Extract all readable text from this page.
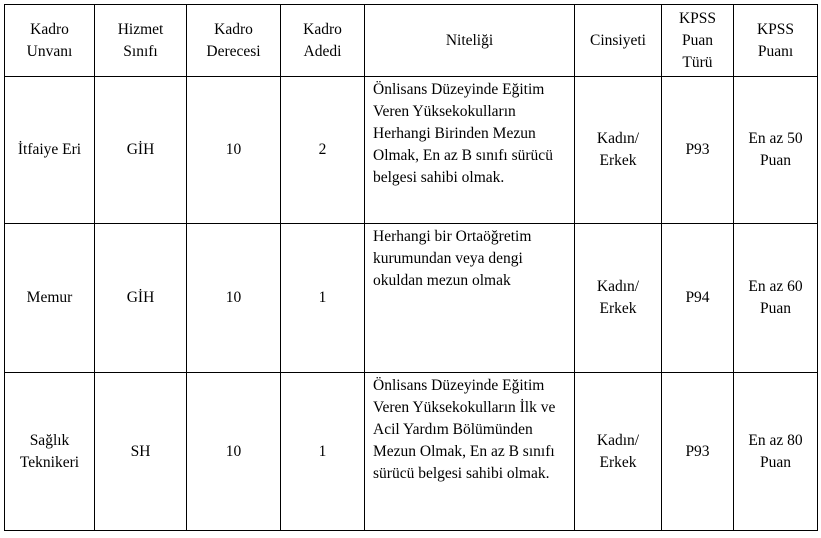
Kadro Unvanı	Hizmet Sınıfı	Kadro Derecesi	Kadro Adedi	Niteliği	Cinsiyeti	KPSS Puan Türü	KPSS Puanı
İtfaiye Eri	GİH	10	2	Önlisans Düzeyinde Eğitim Veren Yüksekokulların Herhangi Birinden Mezun Olmak, En az B sınıfı sürücü belgesi sahibi olmak.	Kadın/ Erkek	P93	En az 50 Puan
Memur	GİH	10	1	Herhangi bir Ortaöğretim kurumundan veya dengi okuldan mezun olmak	Kadın/ Erkek	P94	En az 60 Puan
Sağlık Teknikeri	SH	10	1	Önlisans Düzeyinde Eğitim Veren Yüksekokulların İlk ve Acil Yardım Bölümünden Mezun Olmak, En az B sınıfı sürücü belgesi sahibi olmak.	Kadın/ Erkek	P93	En az 80 Puan
